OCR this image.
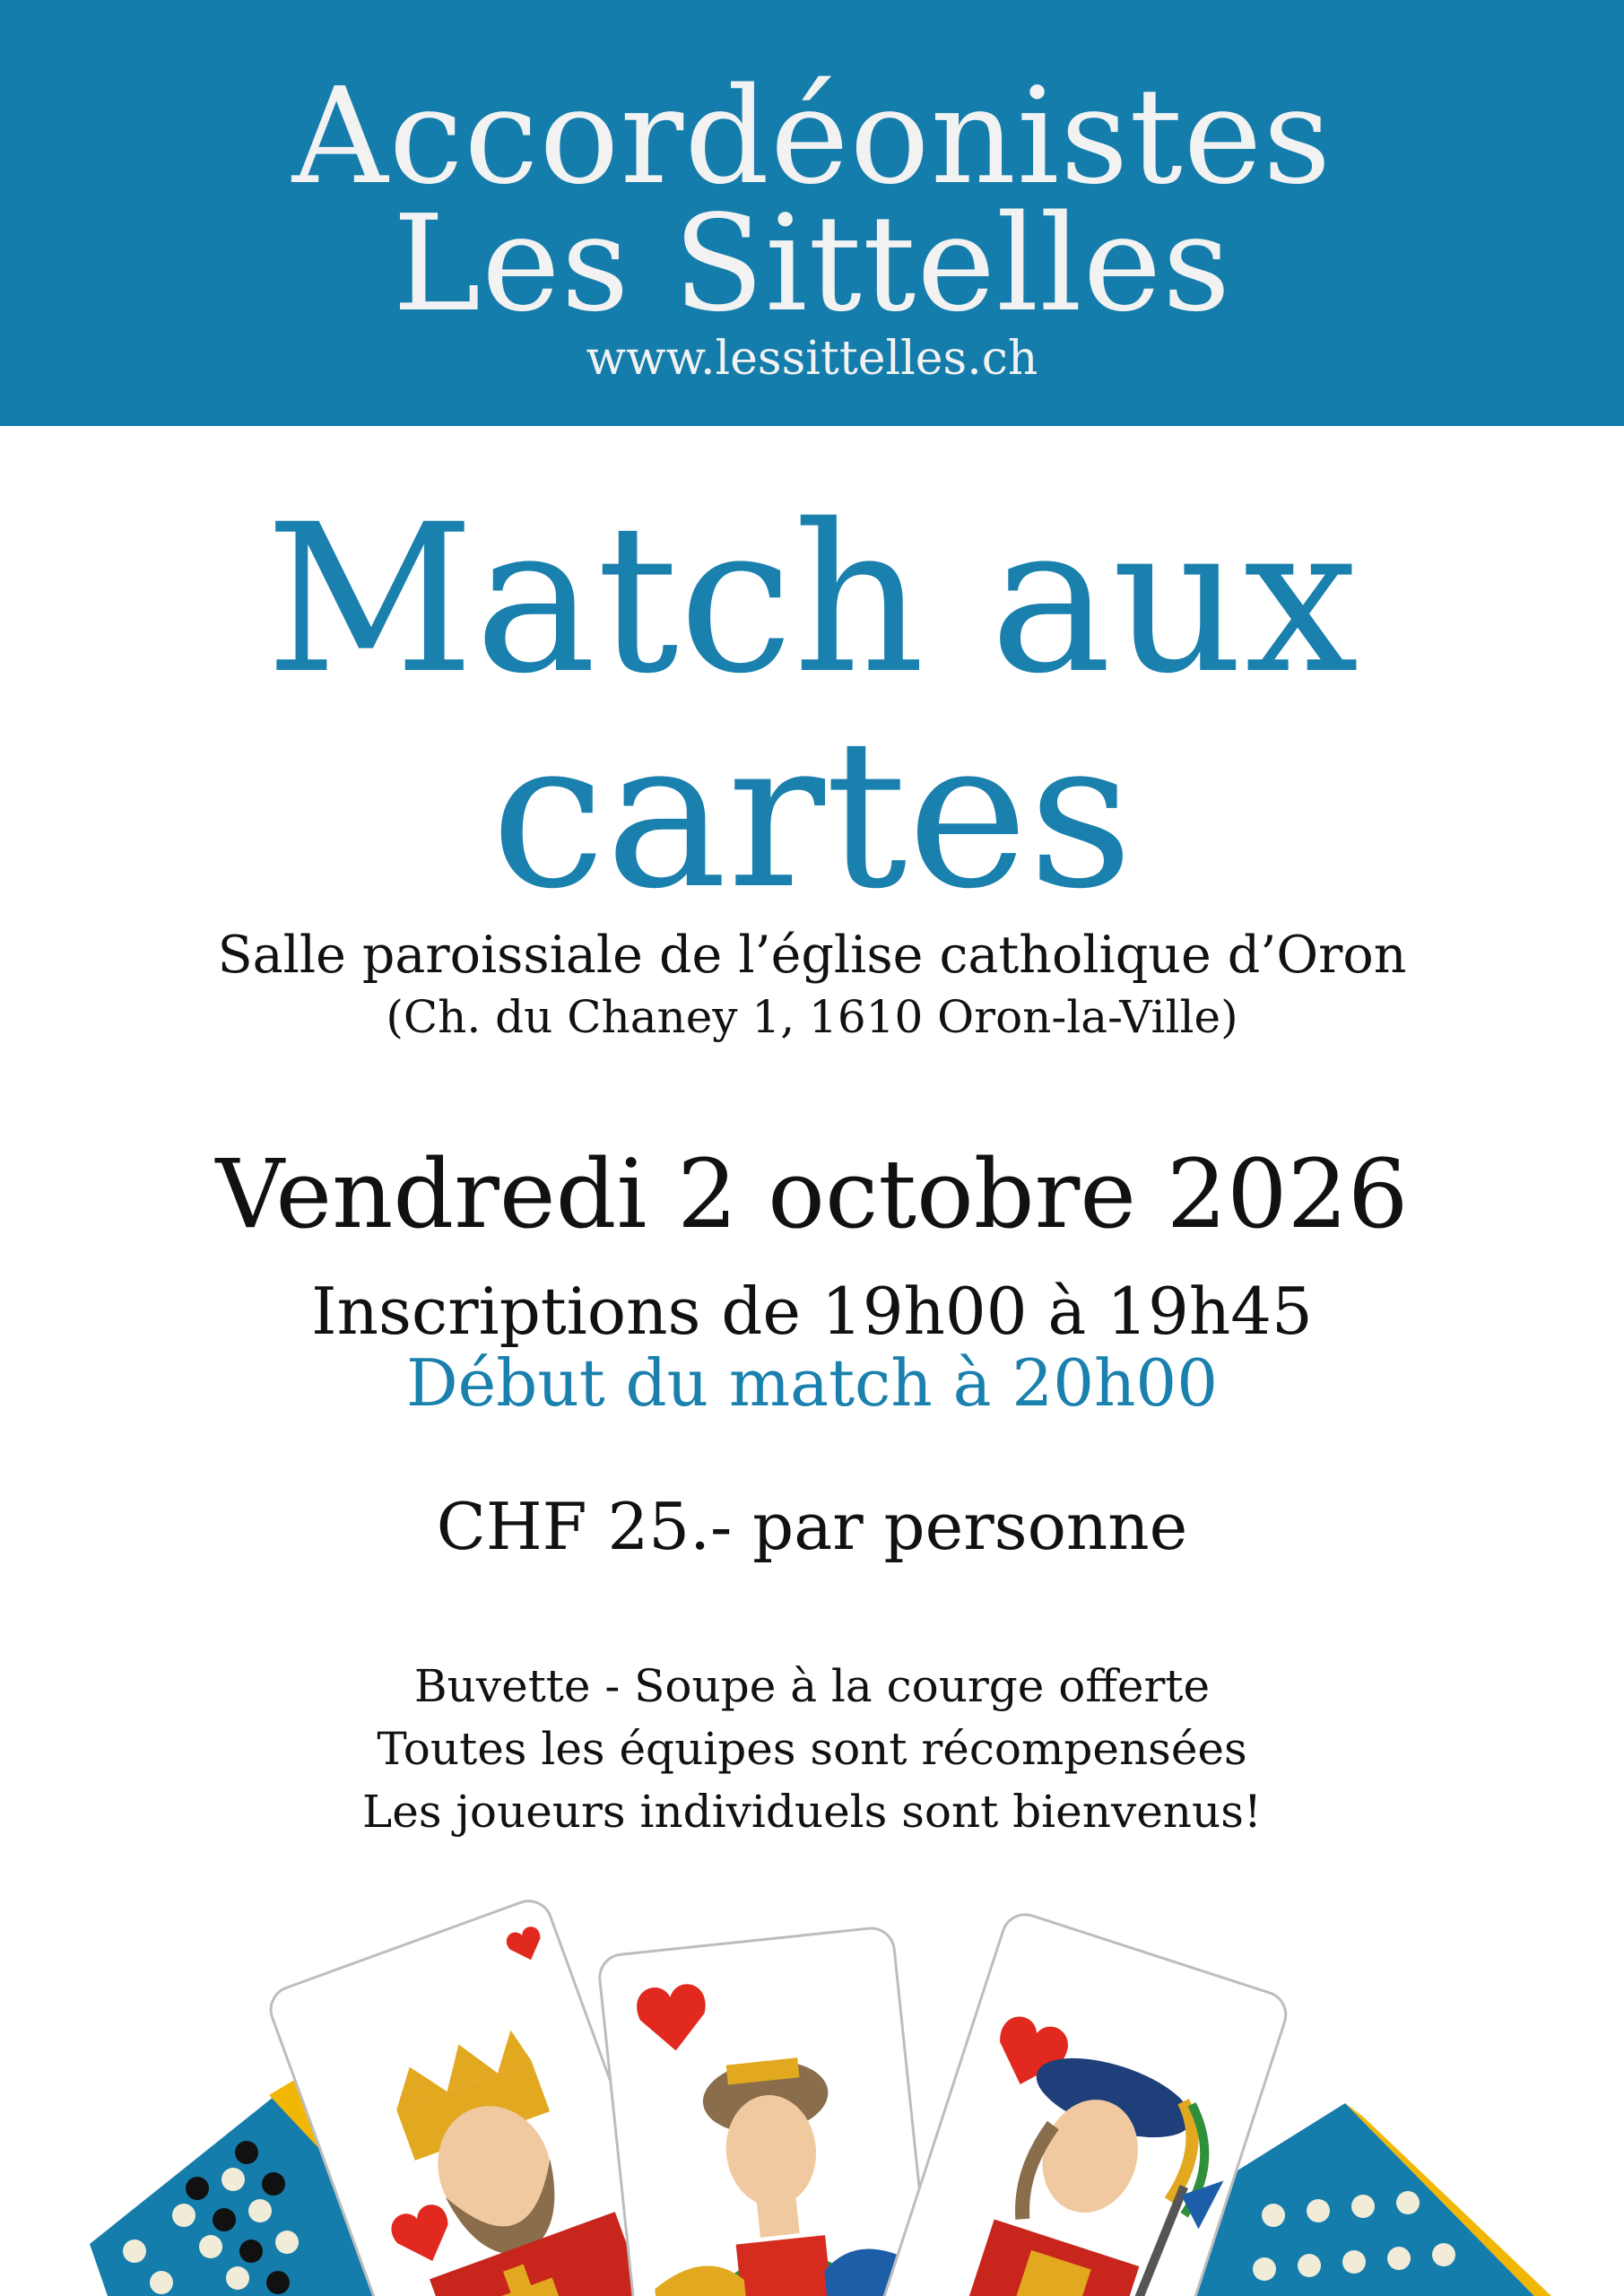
Accordéonistes
Les Sittelles
www.lessittelles.ch
Match aux
cartes
Salle paroissiale de l’église catholique d’Oron
(Ch. du Chaney 1, 1610 Oron-la-Ville)
Vendredi 2 octobre 2026
Inscriptions de 19h00 à 19h45
Début du match à 20h00
CHF 25.- par personne
Buvette - Soupe à la courge offerte
Toutes les équipes sont récompensées
Les joueurs individuels sont bienvenus!
